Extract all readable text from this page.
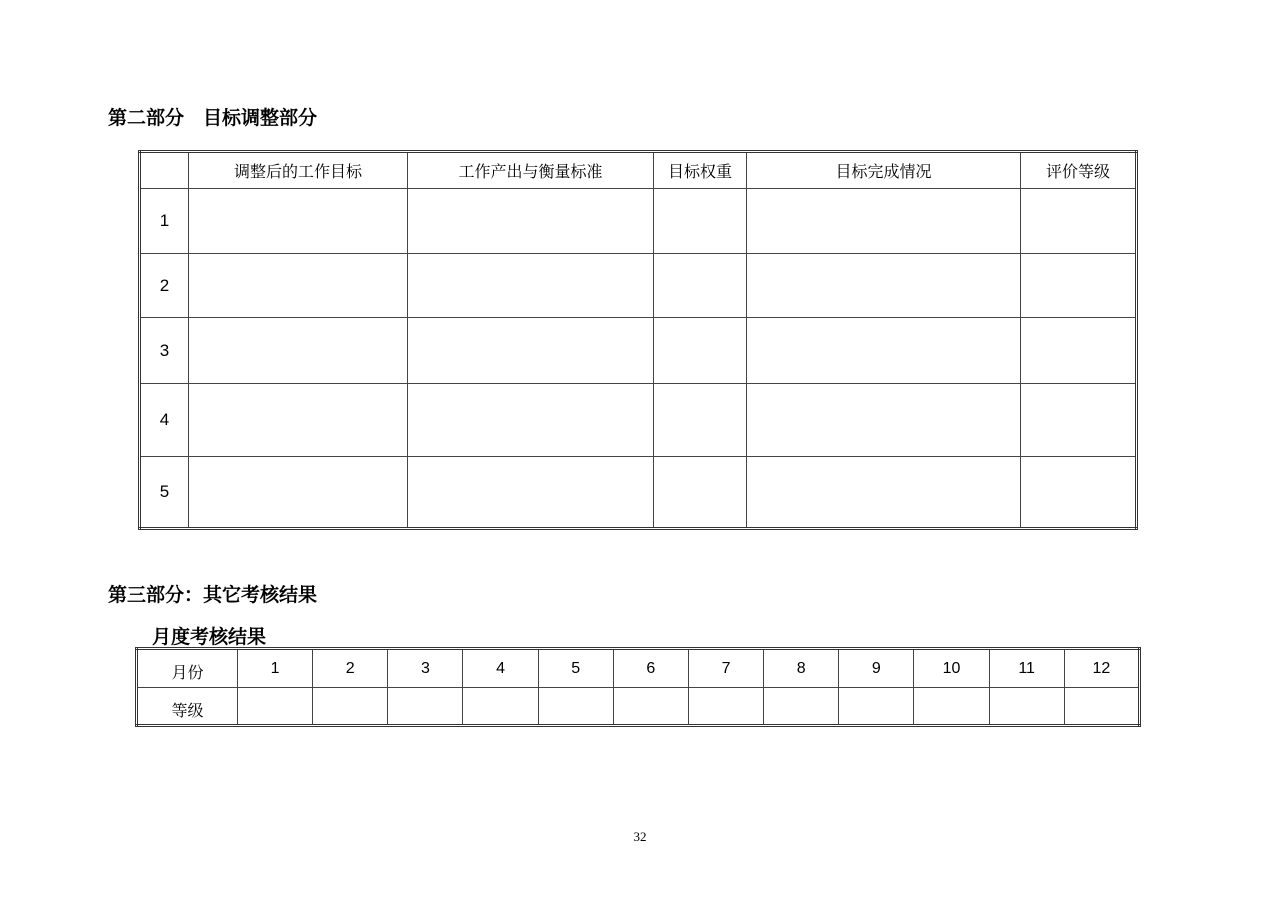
第二部分　目标调整部分
	调整后的工作目标	工作产出与衡量标准	目标权重	目标完成情况	评价等级
1					
2					
3					
4					
5					
第三部分：其它考核结果
月度考核结果
月份	1	2	3	4	5	6	7	8	9	10	11	12
等级												
32
